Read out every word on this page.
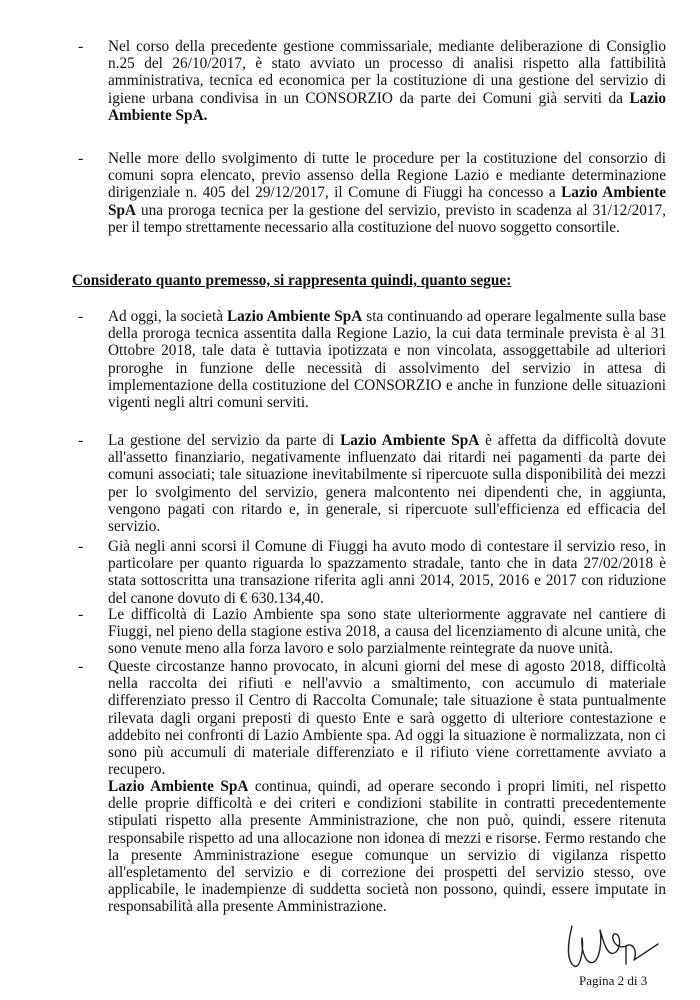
- Nel corso della precedente gestione commissariale, mediante deliberazione di Consiglio n.25 del 26/10/2017, è stato avviato un processo di analisi rispetto alla fattibilità amministrativa, tecnica ed economica per la costituzione di una gestione del servizio di igiene urbana condivisa in un CONSORZIO da parte dei Comuni già serviti da Lazio Ambiente SpA.
- Nelle more dello svolgimento di tutte le procedure per la costituzione del consorzio di comuni sopra elencato, previo assenso della Regione Lazio e mediante determinazione dirigenziale n. 405 del 29/12/2017, il Comune di Fiuggi ha concesso a Lazio Ambiente SpA una proroga tecnica per la gestione del servizio, previsto in scadenza al 31/12/2017, per il tempo strettamente necessario alla costituzione del nuovo soggetto consortile.
Considerato quanto premesso, si rappresenta quindi, quanto segue:
- Ad oggi, la società Lazio Ambiente SpA sta continuando ad operare legalmente sulla base della proroga tecnica assentita dalla Regione Lazio, la cui data terminale prevista è al 31 Ottobre 2018, tale data è tuttavia ipotizzata e non vincolata, assoggettabile ad ulteriori proroghe in funzione delle necessità di assolvimento del servizio in attesa di implementazione della costituzione del CONSORZIO e anche in funzione delle situazioni vigenti negli altri comuni serviti.
- La gestione del servizio da parte di Lazio Ambiente SpA è affetta da difficoltà dovute all'assetto finanziario, negativamente influenzato dai ritardi nei pagamenti da parte dei comuni associati; tale situazione inevitabilmente si ripercuote sulla disponibilità dei mezzi per lo svolgimento del servizio, genera malcontento nei dipendenti che, in aggiunta, vengono pagati con ritardo e, in generale, si ripercuote sull'efficienza ed efficacia del servizio.
- Già negli anni scorsi il Comune di Fiuggi ha avuto modo di contestare il servizio reso, in particolare per quanto riguarda lo spazzamento stradale, tanto che in data 27/02/2018 è stata sottoscritta una transazione riferita agli anni 2014, 2015, 2016 e 2017 con riduzione del canone dovuto di € 630.134,40.
- Le difficoltà di Lazio Ambiente spa sono state ulteriormente aggravate nel cantiere di Fiuggi, nel pieno della stagione estiva 2018, a causa del licenziamento di alcune unità, che sono venute meno alla forza lavoro e solo parzialmente reintegrate da nuove unità.
- Queste circostanze hanno provocato, in alcuni giorni del mese di agosto 2018, difficoltà nella raccolta dei rifiuti e nell'avvio a smaltimento, con accumulo di materiale differenziato presso il Centro di Raccolta Comunale; tale situazione è stata puntualmente rilevata dagli organi preposti di questo Ente e sarà oggetto di ulteriore contestazione e addebito nei confronti di Lazio Ambiente spa. Ad oggi la situazione è normalizzata, non ci sono più accumuli di materiale differenziato e il rifiuto viene correttamente avviato a recupero.
Lazio Ambiente SpA continua, quindi, ad operare secondo i propri limiti, nel rispetto delle proprie difficoltà e dei criteri e condizioni stabilite in contratti precedentemente stipulati rispetto alla presente Amministrazione, che non può, quindi, essere ritenuta responsabile rispetto ad una allocazione non idonea di mezzi e risorse. Fermo restando che la presente Amministrazione esegue comunque un servizio di vigilanza rispetto all'espletamento del servizio e di correzione dei prospetti del servizio stesso, ove applicabile, le inadempienze di suddetta società non possono, quindi, essere imputate in responsabilità alla presente Amministrazione.
Pagina 2 di 3
